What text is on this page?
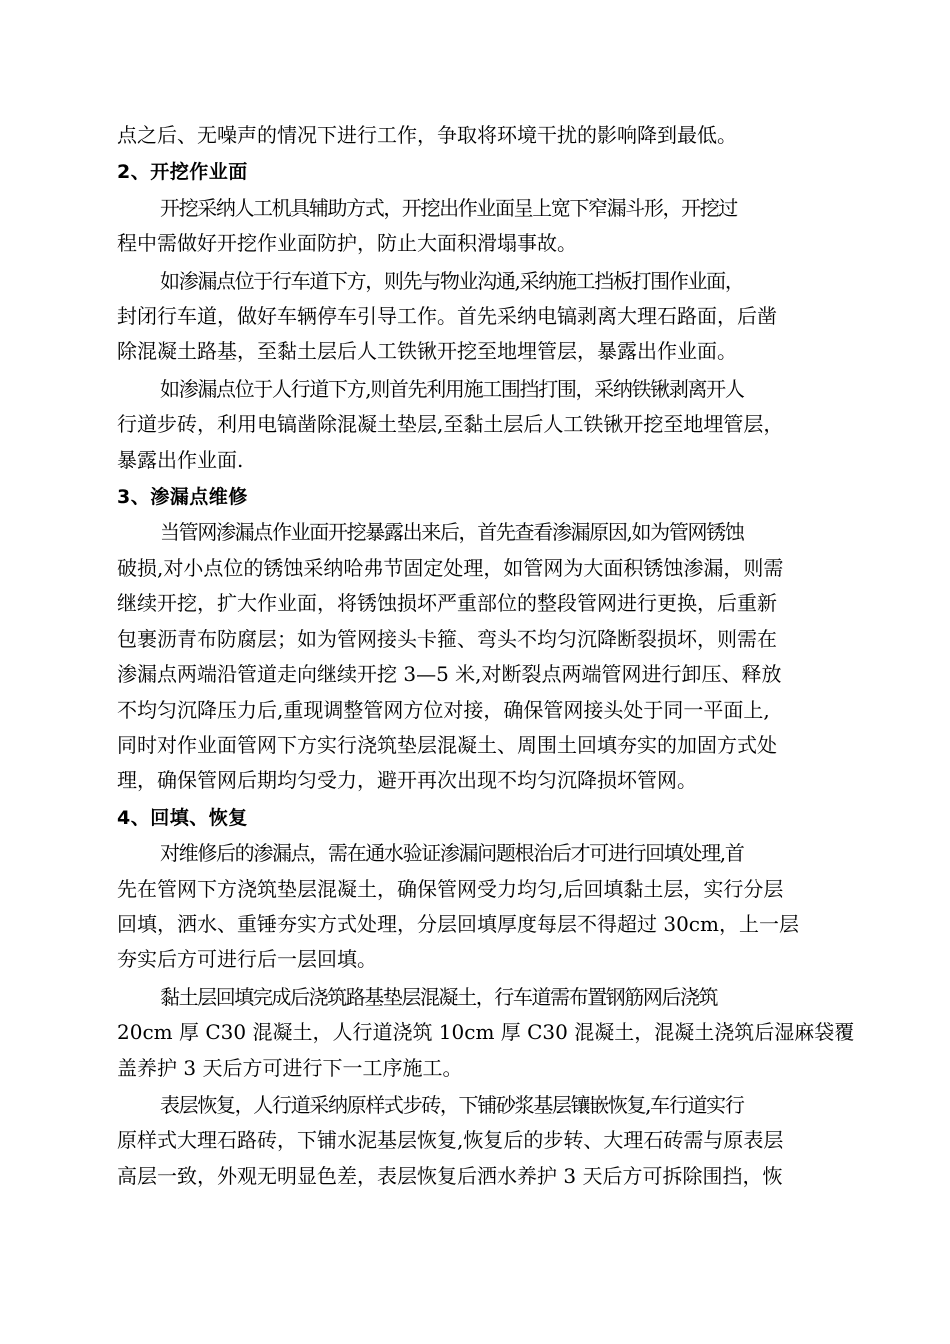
点之后、无噪声的情况下进行工作，争取将环境干扰的影响降到最低。
2、开挖作业面
开挖采纳人工机具辅助方式，开挖出作业面呈上宽下窄漏斗形，开挖过
程中需做好开挖作业面防护，防止大面积滑塌事故。
如渗漏点位于行车道下方，则先与物业沟通,采纳施工挡板打围作业面，
封闭行车道，做好车辆停车引导工作。首先采纳电镐剥离大理石路面，后凿
除混凝土路基，至黏土层后人工铁锹开挖至地埋管层，暴露出作业面。
如渗漏点位于人行道下方,则首先利用施工围挡打围，采纳铁锹剥离开人
行道步砖，利用电镐凿除混凝土垫层,至黏土层后人工铁锹开挖至地埋管层，
暴露出作业面.
3、渗漏点维修
当管网渗漏点作业面开挖暴露出来后，首先查看渗漏原因,如为管网锈蚀
破损,对小点位的锈蚀采纳哈弗节固定处理，如管网为大面积锈蚀渗漏，则需
继续开挖，扩大作业面，将锈蚀损坏严重部位的整段管网进行更换，后重新
包裹沥青布防腐层；如为管网接头卡箍、弯头不均匀沉降断裂损坏，则需在
渗漏点两端沿管道走向继续开挖 3—5 米,对断裂点两端管网进行卸压、释放
不均匀沉降压力后,重现调整管网方位对接，确保管网接头处于同一平面上,
同时对作业面管网下方实行浇筑垫层混凝土、周围土回填夯实的加固方式处
理，确保管网后期均匀受力，避开再次出现不均匀沉降损坏管网。
4、回填、恢复
对维修后的渗漏点，需在通水验证渗漏问题根治后才可进行回填处理,首
先在管网下方浇筑垫层混凝土，确保管网受力均匀,后回填黏土层，实行分层
回填，洒水、重锤夯实方式处理，分层回填厚度每层不得超过 30cm，上一层
夯实后方可进行后一层回填。
黏土层回填完成后浇筑路基垫层混凝土，行车道需布置钢筋网后浇筑
20cm 厚 C30 混凝土，人行道浇筑 10cm 厚 C30 混凝土，混凝土浇筑后湿麻袋覆
盖养护 3 天后方可进行下一工序施工。
表层恢复，人行道采纳原样式步砖，下铺砂浆基层镶嵌恢复,车行道实行
原样式大理石路砖，下铺水泥基层恢复,恢复后的步转、大理石砖需与原表层
高层一致，外观无明显色差，表层恢复后洒水养护 3 天后方可拆除围挡，恢
